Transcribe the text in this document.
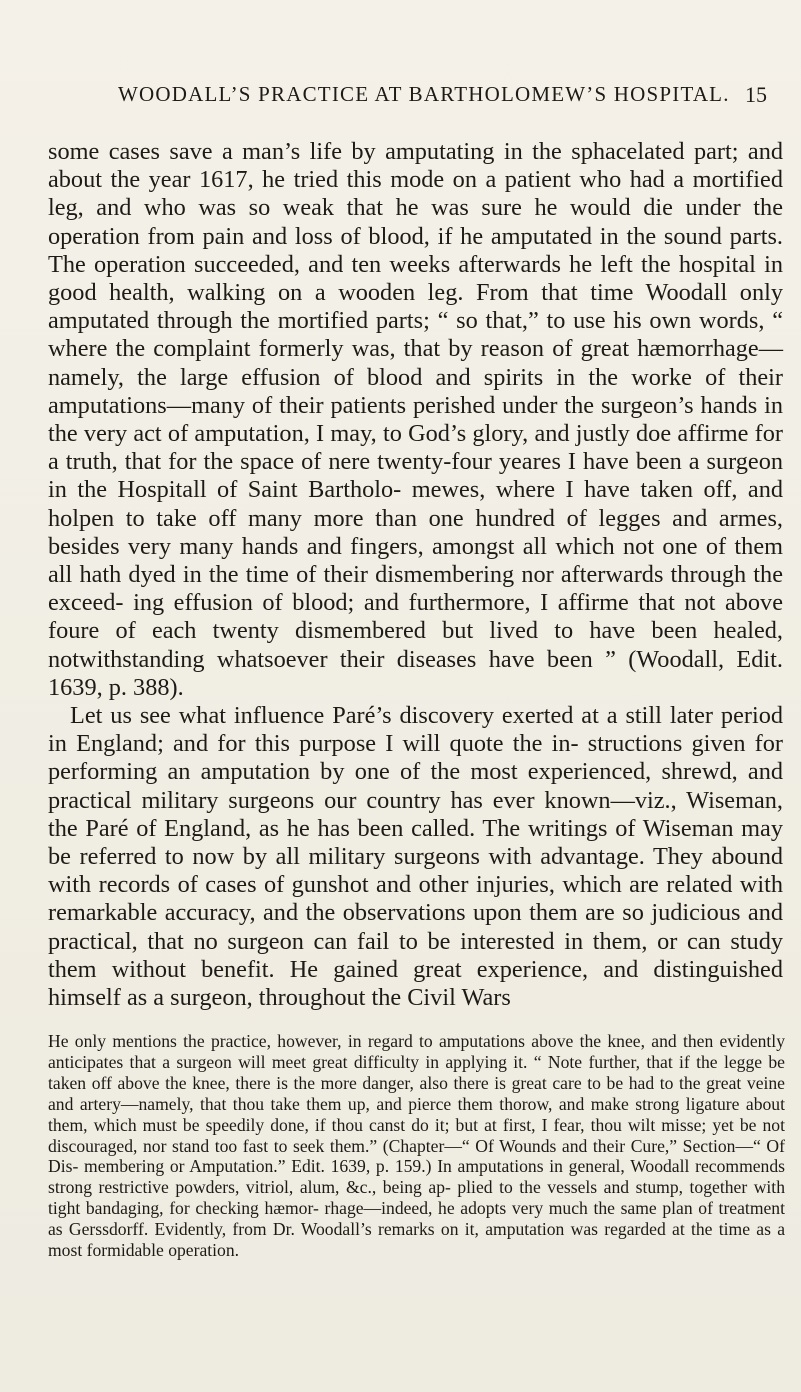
WOODALL’S PRACTICE AT BARTHOLOMEW’S HOSPITAL. 15

some cases save a man’s life by amputating in the sphacelated part; and about the year 1617, he tried this mode on a patient who had a mortified leg, and who was so weak that he was sure he would die under the operation from pain and loss of blood, if he amputated in the sound parts. The operation succeeded, and ten weeks afterwards he left the hospital in good health, walking on a wooden leg. From that time Woodall only amputated through the mortified parts; “ so that,” to use his own words, “ where the complaint formerly was, that by reason of great hæmorrhage— namely, the large effusion of blood and spirits in the worke of their amputations—many of their patients perished under the surgeon’s hands in the very act of amputation, I may, to God’s glory, and justly doe affirme for a truth, that for the space of nere twenty-four yeares I have been a surgeon in the Hospitall of Saint Bartholo- mewes, where I have taken off, and holpen to take off many more than one hundred of legges and armes, besides very many hands and fingers, amongst all which not one of them all hath dyed in the time of their dismembering nor afterwards through the exceed- ing effusion of blood; and furthermore, I affirme that not above foure of each twenty dismembered but lived to have been healed, notwithstanding whatsoever their diseases have been ” (Woodall, Edit. 1639, p. 388).

Let us see what influence Paré’s discovery exerted at a still later period in England; and for this purpose I will quote the in- structions given for performing an amputation by one of the most experienced, shrewd, and practical military surgeons our country has ever known—viz., Wiseman, the Paré of England, as he has been called. The writings of Wiseman may be referred to now by all military surgeons with advantage. They abound with records of cases of gunshot and other injuries, which are related with remarkable accuracy, and the observations upon them are so judicious and practical, that no surgeon can fail to be interested in them, or can study them without benefit. He gained great experience, and distinguished himself as a surgeon, throughout the Civil Wars

He only mentions the practice, however, in regard to amputations above the knee, and then evidently anticipates that a surgeon will meet great difficulty in applying it. “ Note further, that if the legge be taken off above the knee, there is the more danger, also there is great care to be had to the great veine and artery—namely, that thou take them up, and pierce them thorow, and make strong ligature about them, which must be speedily done, if thou canst do it; but at first, I fear, thou wilt misse; yet be not discouraged, nor stand too fast to seek them.” (Chapter—“ Of Wounds and their Cure,” Section—“ Of Dis- membering or Amputation.” Edit. 1639, p. 159.) In amputations in general, Woodall recommends strong restrictive powders, vitriol, alum, &c., being ap- plied to the vessels and stump, together with tight bandaging, for checking hæmor- rhage—indeed, he adopts very much the same plan of treatment as Gerssdorff. Evidently, from Dr. Woodall’s remarks on it, amputation was regarded at the time as a most formidable operation.
